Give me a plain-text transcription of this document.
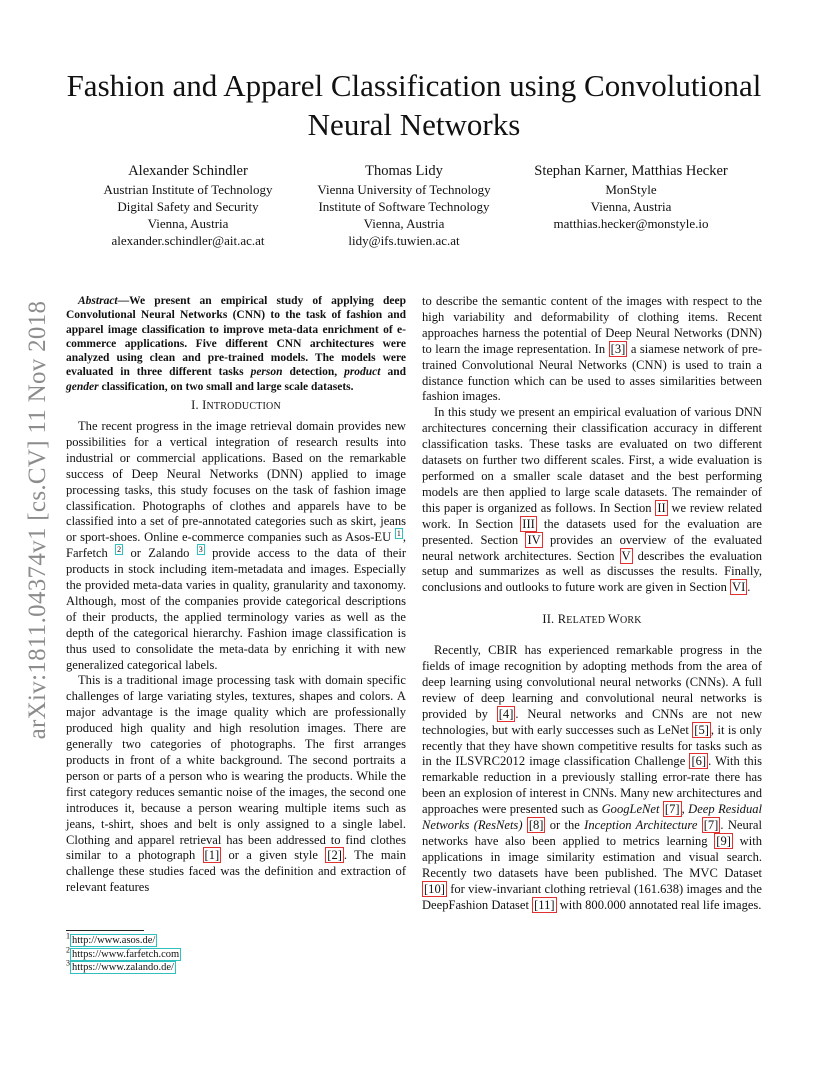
Fashion and Apparel Classification using Convolutional Neural Networks
Alexander Schindler
Austrian Institute of Technology
Digital Safety and Security
Vienna, Austria
alexander.schindler@ait.ac.at
Thomas Lidy
Vienna University of Technology
Institute of Software Technology
Vienna, Austria
lidy@ifs.tuwien.ac.at
Stephan Karner, Matthias Hecker
MonStyle
Vienna, Austria
matthias.hecker@monstyle.io
arXiv:1811.04374v1 [cs.CV] 11 Nov 2018	Abstract—We present an empirical study of applying deep Convolutional Neural Networks (CNN) to the task of fashion and apparel image classification to improve meta-data enrichment of e-commerce applications. Five different CNN architectures were analyzed using clean and pre-trained models. The models were evaluated in three different tasks person detection, product and gender classification, on two small and large scale datasets.

I. INTRODUCTION

The recent progress in the image retrieval domain provides new possibilities for a vertical integration of research results into industrial or commercial applications. Based on the remarkable success of Deep Neural Networks (DNN) applied to image processing tasks, this study focuses on the task of fashion image classification. Photographs of clothes and apparels have to be classified into a set of pre-annotated categories such as skirt, jeans or sport-shoes. Online e-commerce companies such as Asos-EU $^1$ , Farfetch $^2$ or Zalando $^3$ provide access to the data of their products in stock including item-metadata and images. Especially the provided meta-data varies in quality, granularity and taxonomy. Although, most of the companies provide categorical descriptions of their products, the applied terminology varies as well as the depth of the categorical hierarchy. Fashion image classification is thus used to consolidate the meta-data by enriching it with new generalized categorical labels.

This is a traditional image processing task with domain specific challenges of large variating styles, textures, shapes and colors. A major advantage is the image quality which are professionally produced high quality and high resolution images. There are generally two categories of photographs. The first arranges products in front of a white background. The second portraits a person or parts of a person who is wearing the products. While the first category reduces semantic noise of the images, the second one introduces it, because a person wearing multiple items such as jeans, t-shirt, shoes and belt is only assigned to a single label. Clothing and apparel retrieval has been addressed to find clothes similar to a photograph [1] or a given style [2] . The main challenge these studies faced was the definition and extraction of relevant features

$^1$ http://www.asos.de/
$^2$ https://www.farfetch.com
$^3$ https://www.zalando.de/

to describe the semantic content of the images with respect to the high variability and deformability of clothing items. Recent approaches harness the potential of Deep Neural Networks (DNN) to learn the image representation. In [3] a siamese network of pre-trained Convolutional Neural Networks (CNN) is used to train a distance function which can be used to asses similarities between fashion images.

In this study we present an empirical evaluation of various DNN architectures concerning their classification accuracy in different classification tasks. These tasks are evaluated on two different datasets on further two different scales. First, a wide evaluation is performed on a smaller scale dataset and the best performing models are then applied to large scale datasets. The remainder of this paper is organized as follows. In Section II we review related work. In Section III the datasets used for the evaluation are presented. Section IV provides an overview of the evaluated neural network architectures. Section V describes the evaluation setup and summarizes as well as discusses the results. Finally, conclusions and outlooks to future work are given in Section VI .

II. RELATED WORK

Recently, CBIR has experienced remarkable progress in the fields of image recognition by adopting methods from the area of deep learning using convolutional neural networks (CNNs). A full review of deep learning and convolutional neural networks is provided by [4] . Neural networks and CNNs are not new technologies, but with early successes such as LeNet [5] , it is only recently that they have shown competitive results for tasks such as in the ILSVRC2012 image classification Challenge [6] . With this remarkable reduction in a previously stalling error-rate there has been an explosion of interest in CNNs. Many new architectures and approaches were presented such as GoogLeNet [7] , Deep Residual Networks (ResNets) [8] or the Inception Architecture [7] . Neural networks have also been applied to metrics learning [9] with applications in image similarity estimation and visual search. Recently two datasets have been published. The MVC Dataset [10] for view-invariant clothing retrieval (161.638) images and the DeepFashion Dataset [11] with 800.000 annotated real life images.
